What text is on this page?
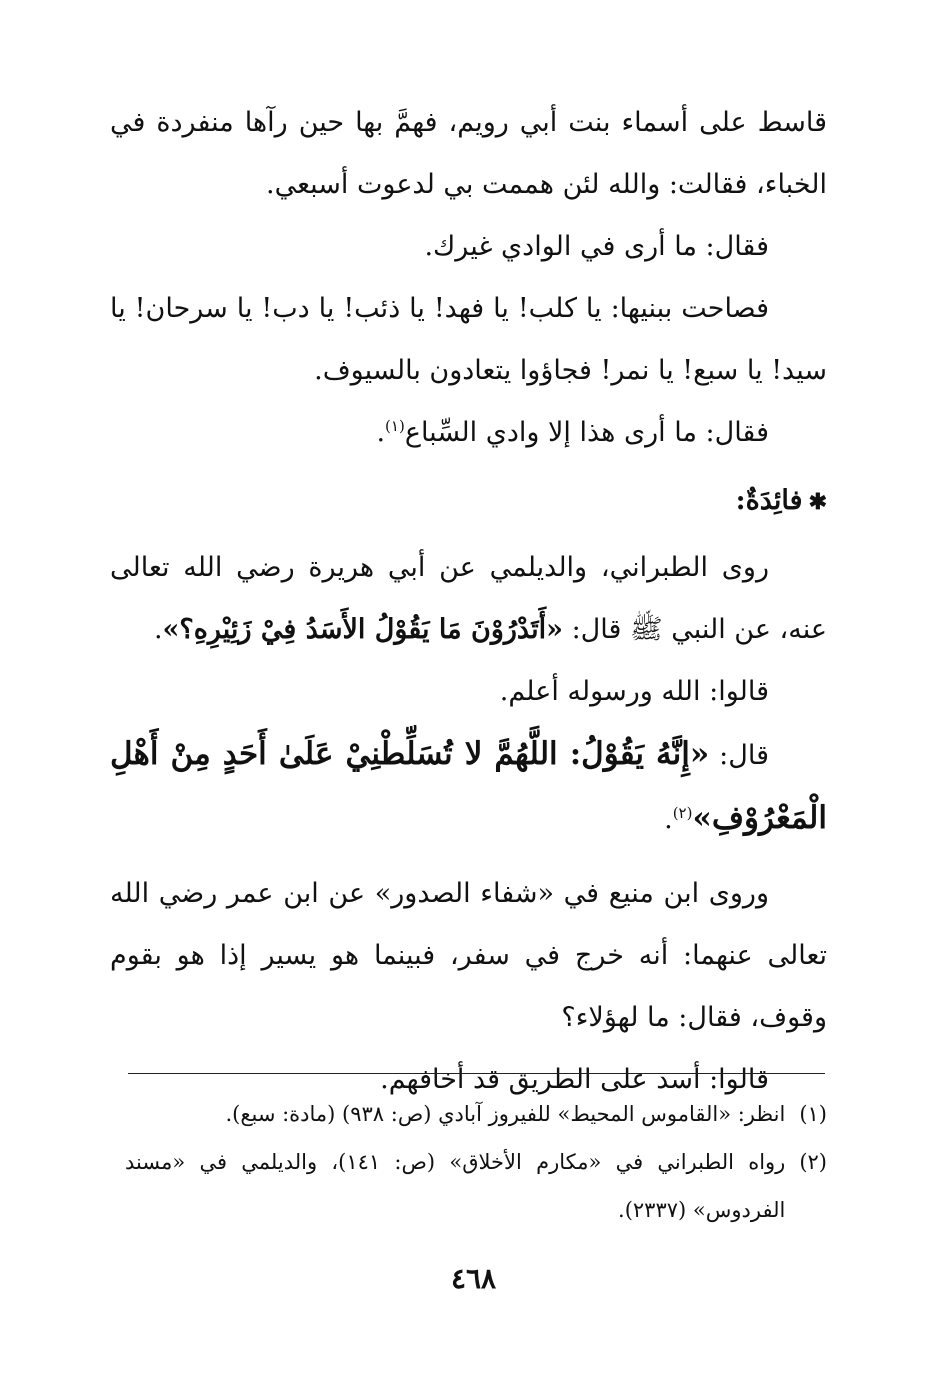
قاسط على أسماء بنت أبي رويم، فهمَّ بها حين رآها منفردة في الخباء، فقالت: والله لئن هممت بي لدعوت أسبعي.

فقال: ما أرى في الوادي غيرك.

فصاحت ببنيها: يا كلب! يا فهد! يا ذئب! يا دب! يا سرحان! يا سيد! يا سبع! يا نمر! فجاؤوا يتعادون بالسيوف.

فقال: ما أرى هذا إلا وادي السِّباع$^{(١)}$.

✱فائِدَةٌ:

روى الطبراني، والديلمي عن أبي هريرة رضي الله تعالى عنه، عن النبي ﷺ قال: «أَتَدْرُوْنَ مَا يَقُوْلُ الأَسَدُ فِيْ زَئِيْرِهِ؟».

قالوا: الله ورسوله أعلم.

قال: «إِنَّهُ يَقُوْلُ: اللَّهُمَّ لا تُسَلِّطْنِيْ عَلَىٰ أَحَدٍ مِنْ أَهْلِ الْمَعْرُوْفِ»$^{(٢)}$.

وروى ابن منيع في «شفاء الصدور» عن ابن عمر رضي الله تعالى عنهما: أنه خرج في سفر، فبينما هو يسير إذا هو بقوم وقوف، فقال: ما لهؤلاء؟

قالوا: أسد على الطريق قد أخافهم.

(١)
انظر: «القاموس المحيط» للفيروز آبادي (ص: ٩٣٨) (مادة: سبع).

(٢)
رواه الطبراني في «مكارم الأخلاق» (ص: ١٤١)، والديلمي في «مسند الفردوس» (٢٣٣٧).

٤٦٨
